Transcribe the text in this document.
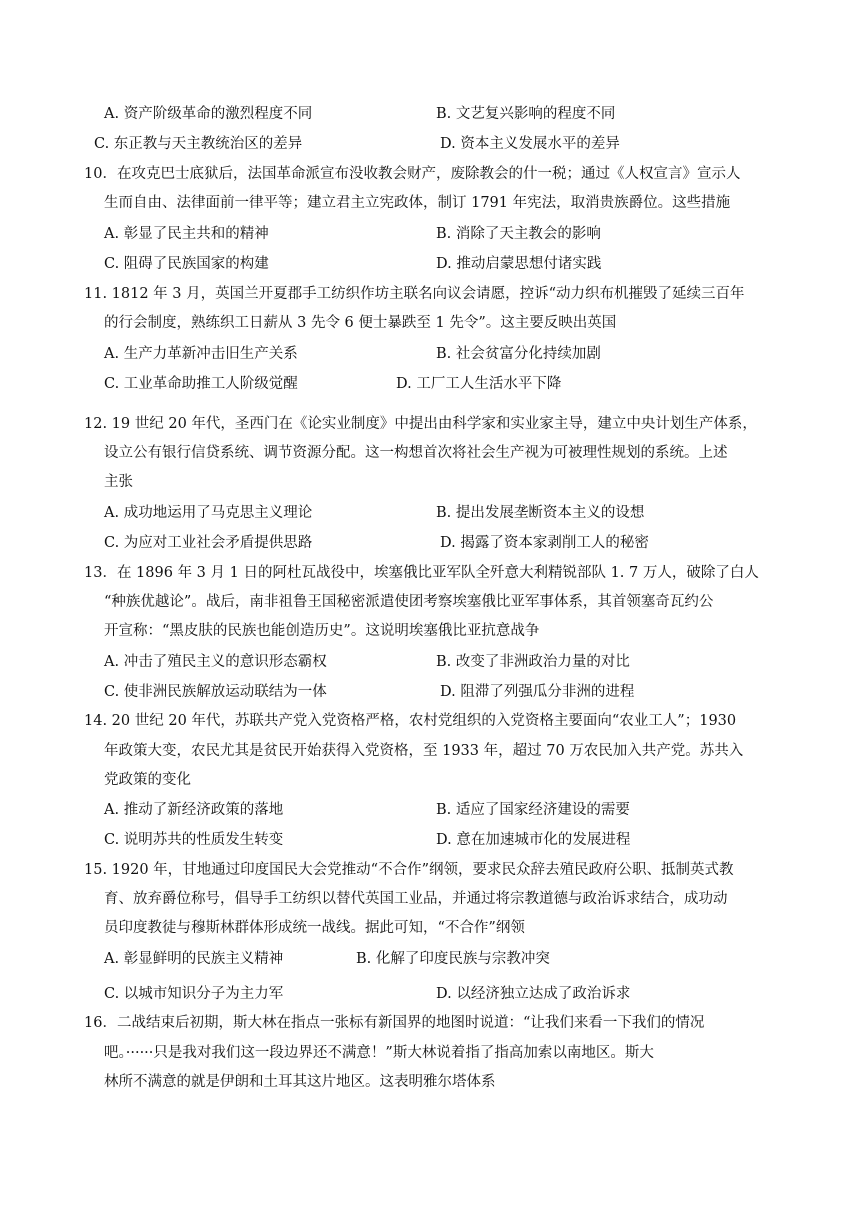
A. 资产阶级革命的激烈程度不同	B. 文艺复兴影响的程度不同
C. 东正教与天主教统治区的差异	D. 资本主义发展水平的差异
10．在攻克巴士底狱后，法国革命派宣布没收教会财产，废除教会的什一税；通过《人权宣言》宣示人
生而自由、法律面前一律平等；建立君主立宪政体，制订 1791 年宪法，取消贵族爵位。这些措施
A. 彰显了民主共和的精神	B. 消除了天主教会的影响
C. 阻碍了民族国家的构建	D. 推动启蒙思想付诸实践
11. 1812 年 3 月，英国兰开夏郡手工纺织作坊主联名向议会请愿，控诉“动力织布机摧毁了延续三百年
的行会制度，熟练织工日薪从 3 先令 6 便士暴跌至 1 先令”。这主要反映出英国
A. 生产力革新冲击旧生产关系	B. 社会贫富分化持续加剧
C. 工业革命助推工人阶级觉醒	D. 工厂工人生活水平下降
12. 19 世纪 20 年代，圣西门在《论实业制度》中提出由科学家和实业家主导，建立中央计划生产体系，
设立公有银行信贷系统、调节资源分配。这一构想首次将社会生产视为可被理性规划的系统。上述
主张
A. 成功地运用了马克思主义理论	B. 提出发展垄断资本主义的设想
C. 为应对工业社会矛盾提供思路	D. 揭露了资本家剥削工人的秘密
13．在 1896 年 3 月 1 日的阿杜瓦战役中，埃塞俄比亚军队全歼意大利精锐部队 1. 7 万人，破除了白人
“种族优越论”。战后，南非祖鲁王国秘密派遣使团考察埃塞俄比亚军事体系，其首领塞奇瓦约公
开宣称：“黑皮肤的民族也能创造历史”。这说明埃塞俄比亚抗意战争
A. 冲击了殖民主义的意识形态霸权	B. 改变了非洲政治力量的对比
C. 使非洲民族解放运动联结为一体	D. 阻滞了列强瓜分非洲的进程
14. 20 世纪 20 年代，苏联共产党入党资格严格，农村党组织的入党资格主要面向“农业工人”；1930
年政策大变，农民尤其是贫民开始获得入党资格，至 1933 年，超过 70 万农民加入共产党。苏共入
党政策的变化
A. 推动了新经济政策的落地	B. 适应了国家经济建设的需要
C. 说明苏共的性质发生转变	D. 意在加速城市化的发展进程
15. 1920 年，甘地通过印度国民大会党推动“不合作”纲领，要求民众辞去殖民政府公职、抵制英式教
育、放弃爵位称号，倡导手工纺织以替代英国工业品，并通过将宗教道德与政治诉求结合，成功动
员印度教徒与穆斯林群体形成统一战线。据此可知，“不合作”纲领
A. 彰显鲜明的民族主义精神	B. 化解了印度民族与宗教冲突
C. 以城市知识分子为主力军	D. 以经济独立达成了政治诉求
16．二战结束后初期，斯大林在指点一张标有新国界的地图时说道：“让我们来看一下我们的情况
吧。······只是我对我们这一段边界还不满意！”斯大林说着指了指高加索以南地区。斯大
林所不满意的就是伊朗和土耳其这片地区。这表明雅尔塔体系
